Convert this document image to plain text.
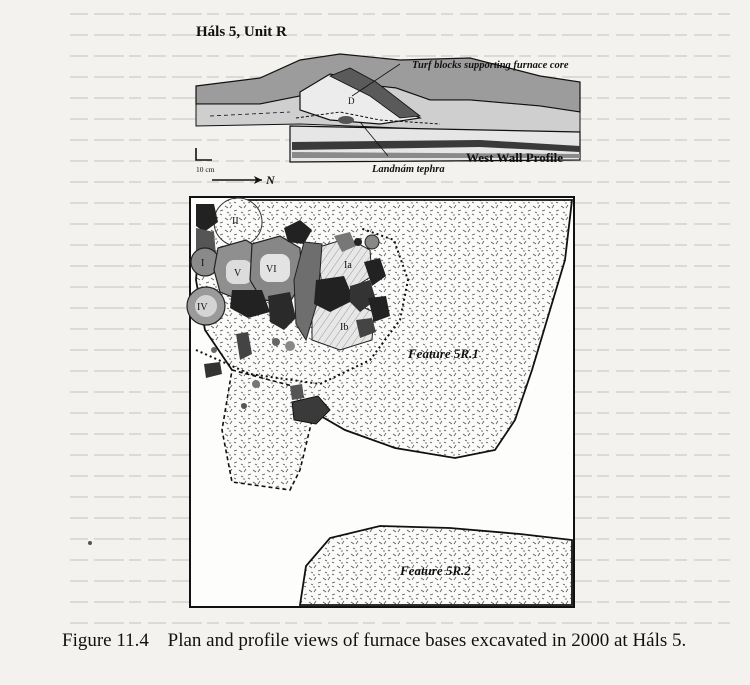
Háls 5, Unit R
D
Turf blocks supporting furnace core
West Wall Profile
Landnám tephra
10 cm
N
II
I
IV
V VI	Ia
Ib
Feature 5R.1
Feature 5R.2
Figure 11.4 Plan and profile views of furnace bases excavated in 2000 at Háls 5.
